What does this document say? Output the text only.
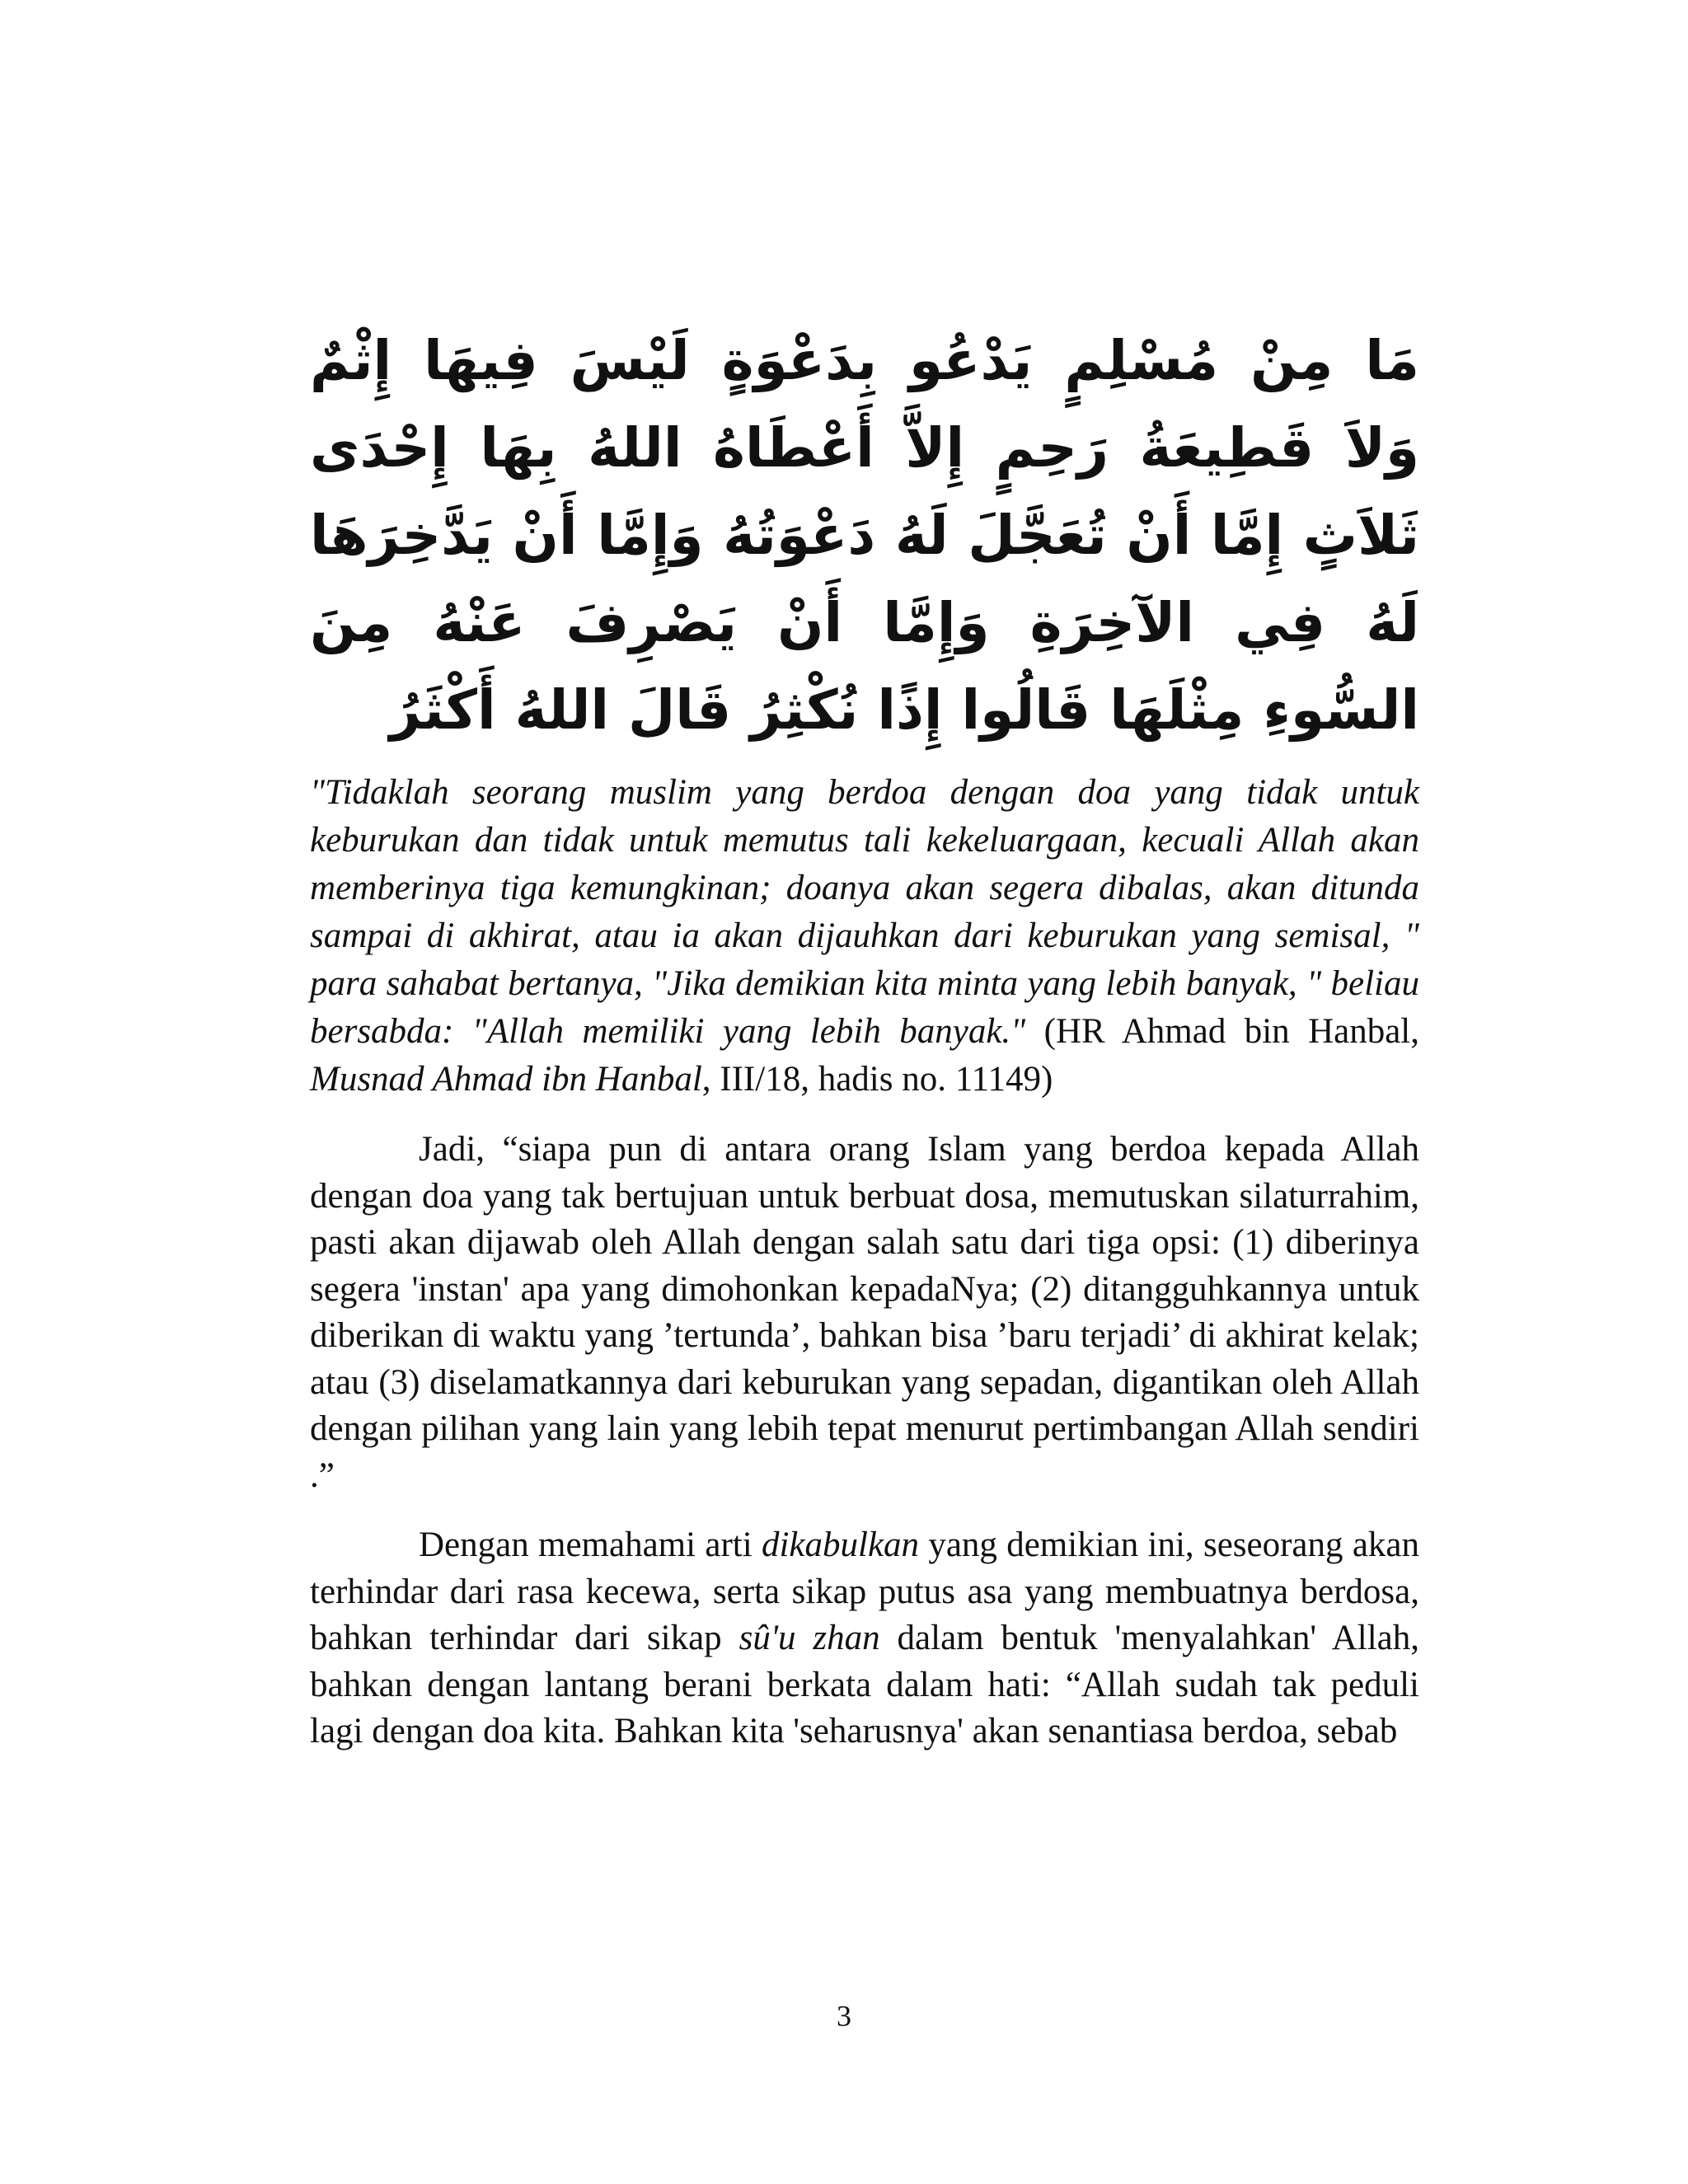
مَا مِنْ مُسْلِمٍ يَدْعُو بِدَعْوَةٍ لَيْسَ فِيهَا إِثْمٌ وَلاَ قَطِيعَةُ رَحِمٍ إِلاَّ أَعْطَاهُ اللهُ بِهَا إِحْدَى ثَلاَثٍ إِمَّا أَنْ تُعَجَّلَ لَهُ دَعْوَتُهُ وَإِمَّا أَنْ يَدَّخِرَهَا لَهُ فِي الآخِرَةِ وَإِمَّا أَنْ يَصْرِفَ عَنْهُ مِنَ السُّوءِ مِثْلَهَا قَالُوا إِذًا نُكْثِرُ قَالَ اللهُ أَكْثَرُ

"Tidaklah seorang muslim yang berdoa dengan doa yang tidak untuk keburukan dan tidak untuk memutus tali kekeluargaan, kecuali Allah akan memberinya tiga kemungkinan; doanya akan segera dibalas, akan ditunda sampai di akhirat, atau ia akan dijauhkan dari keburukan yang semisal, " para sahabat bertanya, "Jika demikian kita minta yang lebih banyak, " beliau bersabda: "Allah memiliki yang lebih banyak." (HR Ahmad bin Hanbal, Musnad Ahmad ibn Hanbal, III/18, hadis no. 11149)

Jadi, “siapa pun di antara orang Islam yang berdoa kepada Allah dengan doa yang tak bertujuan untuk berbuat dosa, memutuskan silaturrahim, pasti akan dijawab oleh Allah dengan salah satu dari tiga opsi: (1) diberinya segera 'instan' apa yang dimohonkan kepadaNya; (2) ditangguhkannya untuk diberikan di waktu yang ’tertunda’, bahkan bisa ’baru terjadi’ di akhirat kelak; atau (3) diselamatkannya dari keburukan yang sepadan, digantikan oleh Allah dengan pilihan yang lain yang lebih tepat menurut pertimbangan Allah sendiri .”

Dengan memahami arti dikabulkan yang demikian ini, seseorang akan terhindar dari rasa kecewa, serta sikap putus asa yang membuatnya berdosa, bahkan terhindar dari sikap sû'u zhan dalam bentuk 'menyalahkan' Allah, bahkan dengan lantang berani berkata dalam hati: “Allah sudah tak peduli lagi dengan doa kita. Bahkan kita 'seharusnya' akan senantiasa berdoa, sebab

3
